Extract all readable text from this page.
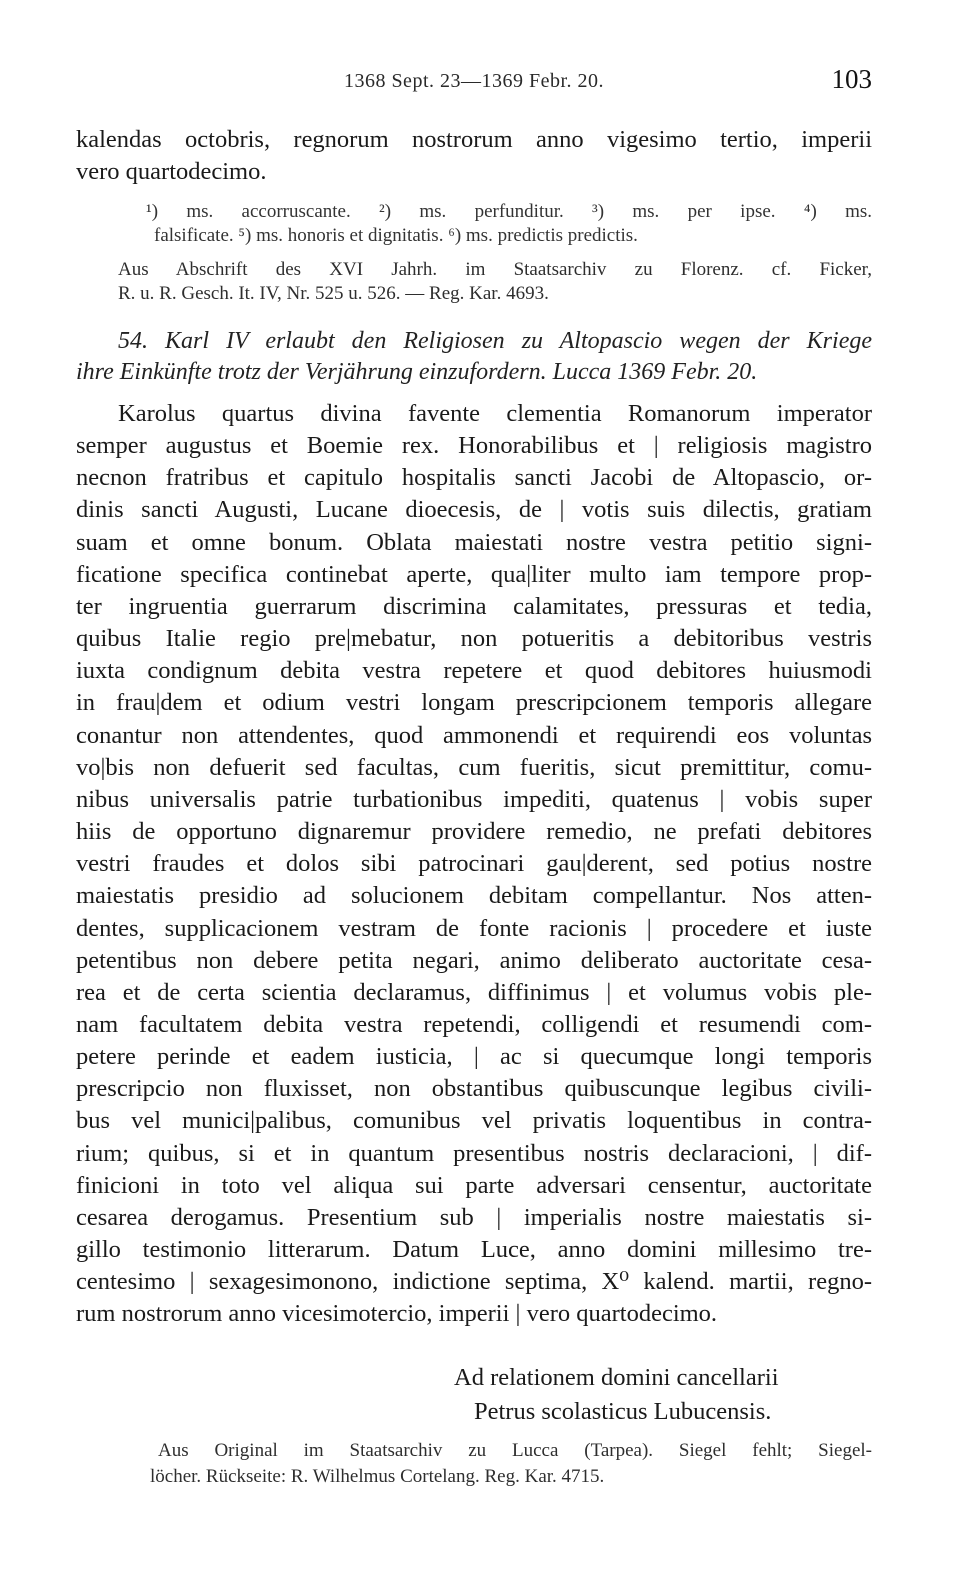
1368 Sept. 23—1369 Febr. 20.	103
kalendas octobris, regnorum nostrorum anno vigesimo tertio, imperii
vero quartodecimo.
¹) ms. accorruscante. ²) ms. perfunditur. ³) ms. per ipse. ⁴) ms.
falsificate. ⁵) ms. honoris et dignitatis. ⁶) ms. predictis predictis.
Aus Abschrift des XVI Jahrh. im Staatsarchiv zu Florenz. cf. Ficker,
R. u. R. Gesch. It. IV, Nr. 525 u. 526. — Reg. Kar. 4693.
54. Karl IV erlaubt den Religiosen zu Altopascio wegen der Kriege
ihre Einkünfte trotz der Verjährung einzufordern. Lucca 1369 Febr. 20.
Karolus quartus divina favente clementia Romanorum imperator
semper augustus et Boemie rex. Honorabilibus et | religiosis magistro
necnon fratribus et capitulo hospitalis sancti Jacobi de Altopascio, or-
dinis sancti Augusti, Lucane dioecesis, de | votis suis dilectis, gratiam
suam et omne bonum. Oblata maiestati nostre vestra petitio signi-
ficatione specifica continebat aperte, qua|liter multo iam tempore prop-
ter ingruentia guerrarum discrimina calamitates, pressuras et tedia,
quibus Italie regio pre|mebatur, non potueritis a debitoribus vestris
iuxta condignum debita vestra repetere et quod debitores huiusmodi
in frau|dem et odium vestri longam prescripcionem temporis allegare
conantur non attendentes, quod ammonendi et requirendi eos voluntas
vo|bis non defuerit sed facultas, cum fueritis, sicut premittitur, comu-
nibus universalis patrie turbationibus impediti, quatenus | vobis super
hiis de opportuno dignaremur providere remedio, ne prefati debitores
vestri fraudes et dolos sibi patrocinari gau|derent, sed potius nostre
maiestatis presidio ad solucionem debitam compellantur. Nos atten-
dentes, supplicacionem vestram de fonte racionis | procedere et iuste
petentibus non debere petita negari, animo deliberato auctoritate cesa-
rea et de certa scientia declaramus, diffinimus | et volumus vobis ple-
nam facultatem debita vestra repetendi, colligendi et resumendi com-
petere perinde et eadem iusticia, | ac si quecumque longi temporis
prescripcio non fluxisset, non obstantibus quibuscunque legibus civili-
bus vel munici|palibus, comunibus vel privatis loquentibus in contra-
rium; quibus, si et in quantum presentibus nostris declaracioni, | dif-
finicioni in toto vel aliqua sui parte adversari censentur, auctoritate
cesarea derogamus. Presentium sub | imperialis nostre maiestatis si-
gillo testimonio litterarum. Datum Luce, anno domini millesimo tre-
centesimo | sexagesimonono, indictione septima, X⁰ kalend. martii, regno-
rum nostrorum anno vicesimotercio, imperii | vero quartodecimo.
Ad relationem domini cancellarii
Petrus scolasticus Lubucensis.
Aus Original im Staatsarchiv zu Lucca (Tarpea). Siegel fehlt; Siegel-
löcher. Rückseite: R. Wilhelmus Cortelang. Reg. Kar. 4715.
